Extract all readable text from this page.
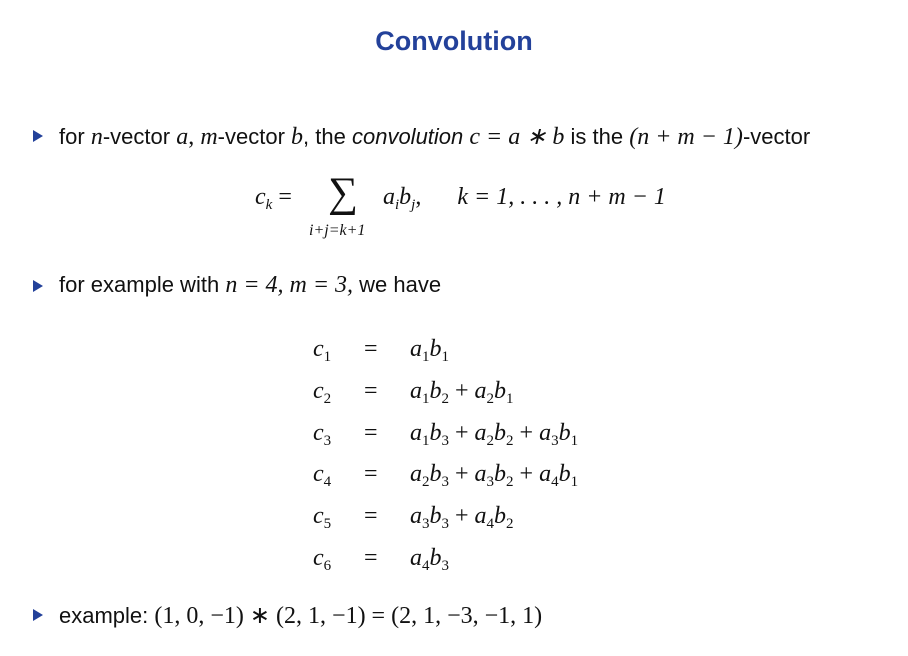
Convolution
for n-vector a, m-vector b, the convolution c = a ∗ b is the (n + m − 1)-vector
$c_k$ = ∑
i+j=k+1
$a_ib_j$, k = 1, . . . , n + m − 1
for example with n = 4, m = 3, we have
$c_1 = a_1b_1$
$c_2 = a_1b_2 + a_2b_1$
$c_3 = a_1b_3 + a_2b_2 + a_3b_1$
$c_4 = a_2b_3 + a_3b_2 + a_4b_1$
$c_5 = a_3b_3 + a_4b_2$
$c_6 = a_4b_3$
example: (1, 0, −1) ∗ (2, 1, −1) = (2, 1, −3, −1, 1)
